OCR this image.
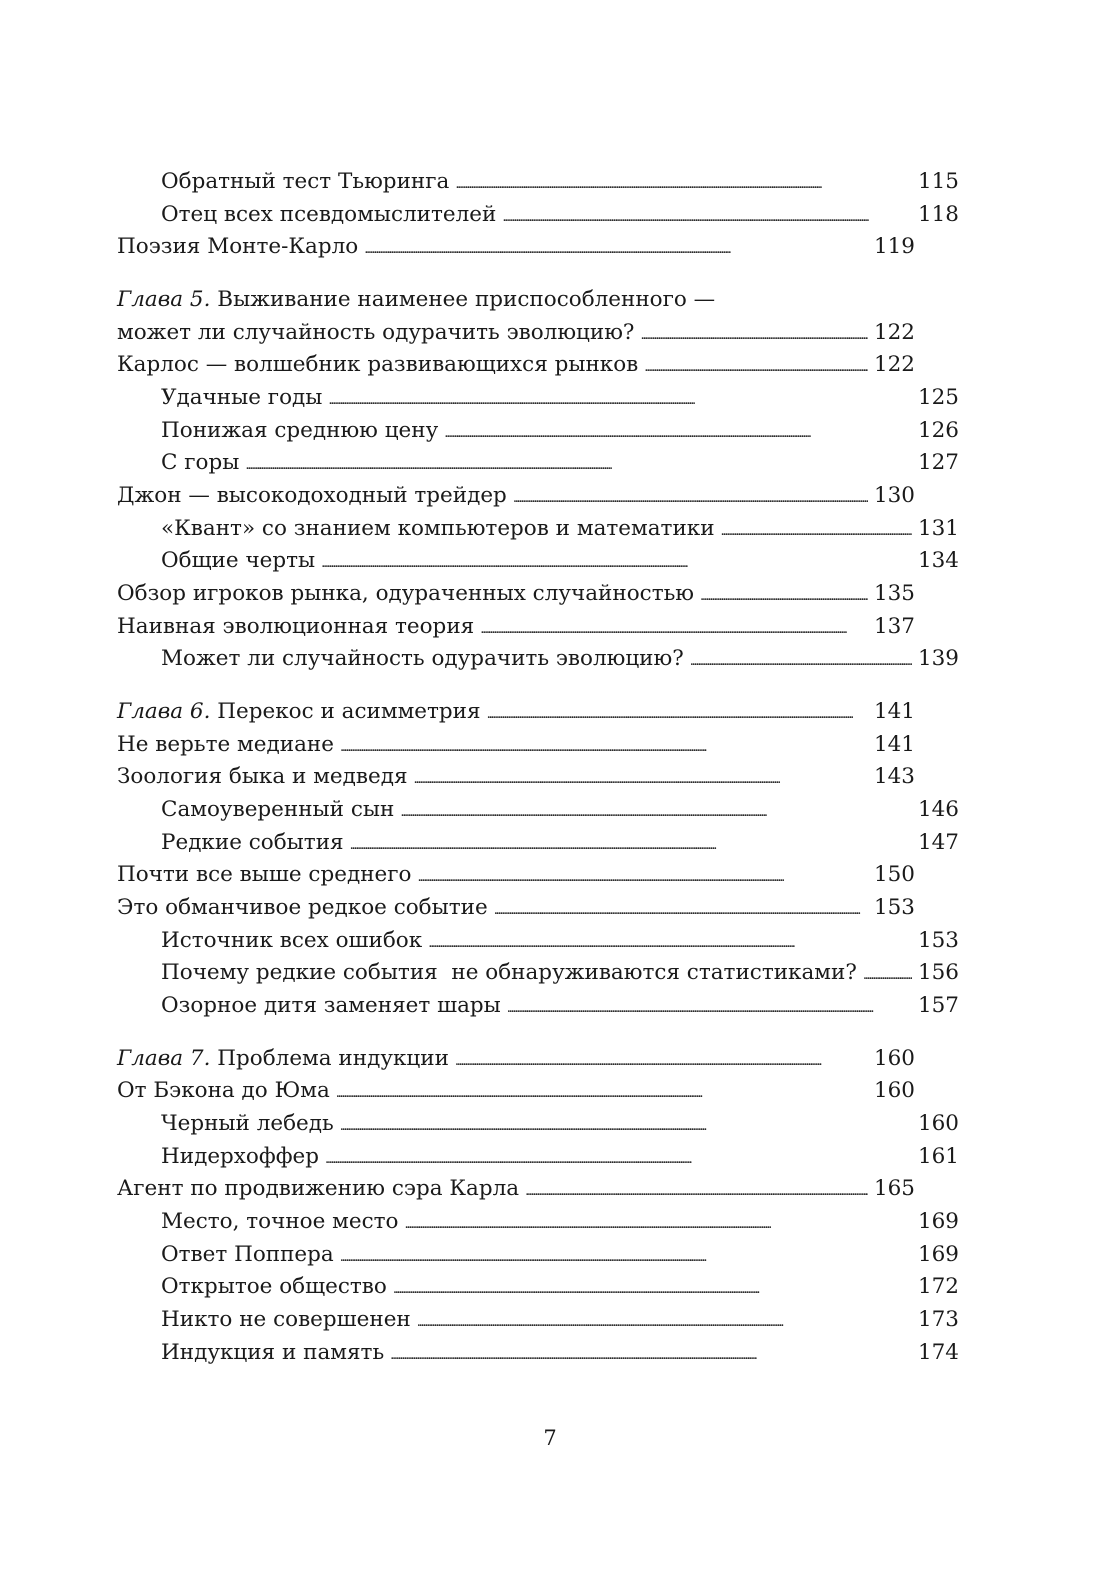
Обратный тест Тьюринга . . .	115
Отец всех псевдомыслителей . . .	118
Поэзия Монте-Карло . . .	119
Глава 5. Выживание наименее приспособленного —
может ли случайность одурачить эволюцию? . . .	122
Карлос — волшебник развивающихся рынков . . .	122
Удачные годы . . .	125
Понижая среднюю цену . . .	126
С горы . . .	127
Джон — высокодоходный трейдер . . .	130
«Квант» со знанием компьютеров и математики . . .	131
Общие черты . . .	134
Обзор игроков рынка, одураченных случайностью . . .	135
Наивная эволюционная теория . . .	137
Может ли случайность одурачить эволюцию? . . .	139
Глава 6. Перекос и асимметрия . . .	141
Не верьте медиане . . .	141
Зоология быка и медведя . . .	143
Самоуверенный сын . . .	146
Редкие события . . .	147
Почти все выше среднего . . .	150
Это обманчивое редкое событие . . .	153
Источник всех ошибок . . .	153
Почему редкие события  не обнаруживаются статистиками? . . .	156
Озорное дитя заменяет шары . . .	157
Глава 7. Проблема индукции . . .	160
От Бэкона до Юма . . .	160
Черный лебедь . . .	160
Нидерхоффер . . .	161
Агент по продвижению сэра Карла . . .	165
Место, точное место . . .	169
Ответ Поппера . . .	169
Открытое общество . . .	172
Никто не совершенен . . .	173
Индукция и память . . .	174
7
